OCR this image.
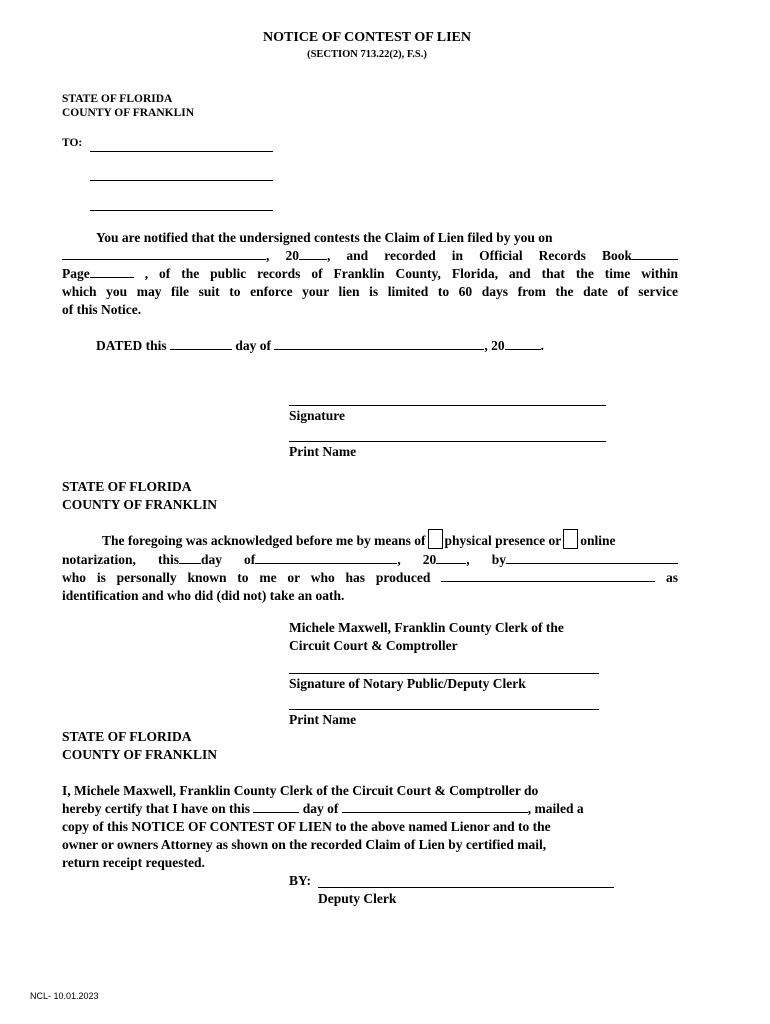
NOTICE OF CONTEST OF LIEN
(SECTION 713.22(2), F.S.)
STATE OF FLORIDA
COUNTY OF FRANKLIN
TO:
You are notified that the undersigned contests the Claim of Lien filed by you on
, 20 , and recorded in Official Records Book
Page	, of the public records of Franklin County, Florida, and that the time within
which you may file suit to enforce your lien is limited to 60 days from the date of service
of this Notice.
DATED this	day of	, 20	.
Signature
Print Name
STATE OF FLORIDA
COUNTY OF FRANKLIN
The foregoing was acknowledged before me by means of physical presence or online
notarization, this day of	, 20 , by
who is personally known to me or who has produced	as
identification and who did (did not) take an oath.
Michele Maxwell, Franklin County Clerk of the
Circuit Court & Comptroller
Signature of Notary Public/Deputy Clerk
Print Name
STATE OF FLORIDA
COUNTY OF FRANKLIN
I, Michele Maxwell, Franklin County Clerk of the Circuit Court & Comptroller do
hereby certify that I have on this	day of	, mailed a
copy of this NOTICE OF CONTEST OF LIEN to the above named Lienor and to the
owner or owners Attorney as shown on the recorded Claim of Lien by certified mail,
return receipt requested.
BY:
Deputy Clerk
NCL- 10.01.2023
